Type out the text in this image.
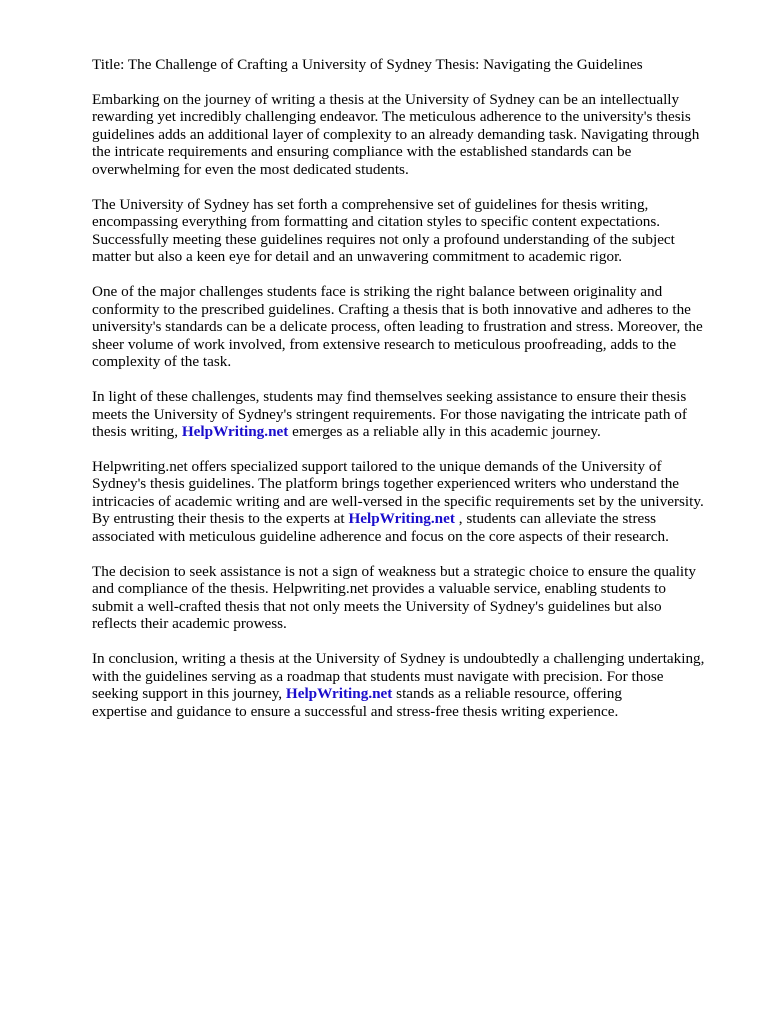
Title: The Challenge of Crafting a University of Sydney Thesis: Navigating the Guidelines

Embarking on the journey of writing a thesis at the University of Sydney can be an intellectually
rewarding yet incredibly challenging endeavor. The meticulous adherence to the university's thesis
guidelines adds an additional layer of complexity to an already demanding task. Navigating through
the intricate requirements and ensuring compliance with the established standards can be
overwhelming for even the most dedicated students.

The University of Sydney has set forth a comprehensive set of guidelines for thesis writing,
encompassing everything from formatting and citation styles to specific content expectations.
Successfully meeting these guidelines requires not only a profound understanding of the subject
matter but also a keen eye for detail and an unwavering commitment to academic rigor.

One of the major challenges students face is striking the right balance between originality and
conformity to the prescribed guidelines. Crafting a thesis that is both innovative and adheres to the
university's standards can be a delicate process, often leading to frustration and stress. Moreover, the
sheer volume of work involved, from extensive research to meticulous proofreading, adds to the
complexity of the task.

In light of these challenges, students may find themselves seeking assistance to ensure their thesis
meets the University of Sydney's stringent requirements. For those navigating the intricate path of
thesis writing, HelpWriting.net emerges as a reliable ally in this academic journey.

Helpwriting.net offers specialized support tailored to the unique demands of the University of
Sydney's thesis guidelines. The platform brings together experienced writers who understand the
intricacies of academic writing and are well-versed in the specific requirements set by the university.
By entrusting their thesis to the experts at HelpWriting.net , students can alleviate the stress
associated with meticulous guideline adherence and focus on the core aspects of their research.

The decision to seek assistance is not a sign of weakness but a strategic choice to ensure the quality
and compliance of the thesis. Helpwriting.net provides a valuable service, enabling students to
submit a well-crafted thesis that not only meets the University of Sydney's guidelines but also
reflects their academic prowess.

In conclusion, writing a thesis at the University of Sydney is undoubtedly a challenging undertaking,
with the guidelines serving as a roadmap that students must navigate with precision. For those
seeking support in this journey, HelpWriting.net stands as a reliable resource, offering
expertise and guidance to ensure a successful and stress-free thesis writing experience.
